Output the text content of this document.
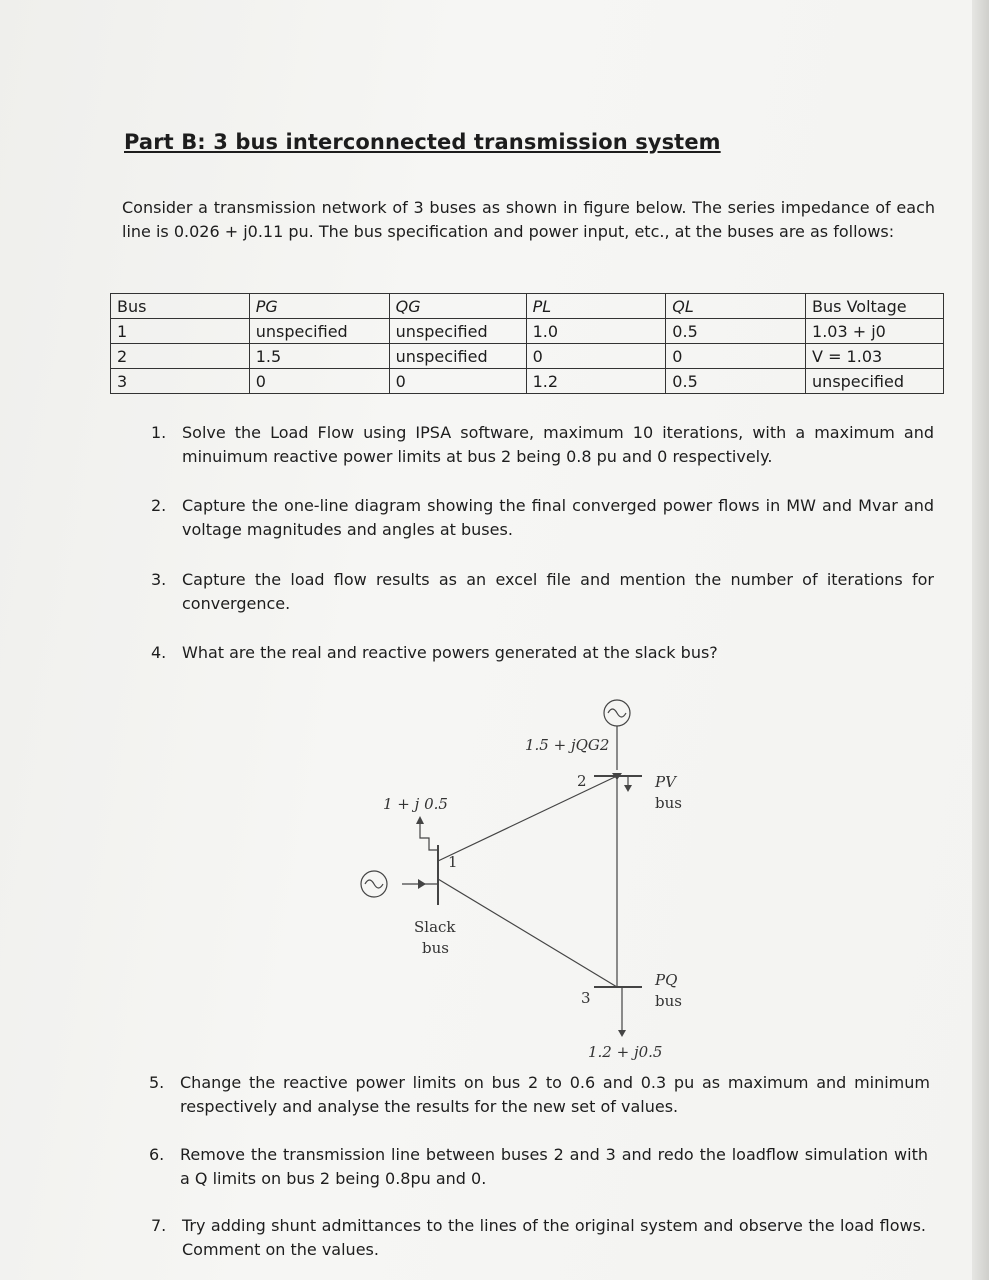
Part B: 3 bus interconnected transmission system

Consider a transmission network of 3 buses as shown in figure below. The series impedance of each line is 0.026 + j0.11 pu. The bus specification and power input, etc., at the buses are as follows:

Bus	PG	QG	PL	QL	Bus Voltage
1	unspecified	unspecified	1.0	0.5	1.03 + j0
2	1.5	unspecified	0	0	V = 1.03
3	0	0	1.2	0.5	unspecified
1. Solve the Load Flow using IPSA software, maximum 10 iterations, with a maximum and minuimum reactive power limits at bus 2 being 0.8 pu and 0 respectively.
2. Capture the one-line diagram showing the final converged power flows in MW and Mvar and voltage magnitudes and angles at buses.
3. Capture the load flow results as an excel file and mention the number of iterations for convergence.
4. What are the real and reactive powers generated at the slack bus?
1.5 + jQG2
2	PV
bus
1 + j 0.5
1
Slack
bus
PQ
bus
3
1.2 + j0.5
5. Change the reactive power limits on bus 2 to 0.6 and 0.3 pu as maximum and minimum respectively and analyse the results for the new set of values.
6. Remove the transmission line between buses 2 and 3 and redo the loadflow simulation with a Q limits on bus 2 being 0.8pu and 0.
7. Try adding shunt admittances to the lines of the original system and observe the load flows. Comment on the values.
